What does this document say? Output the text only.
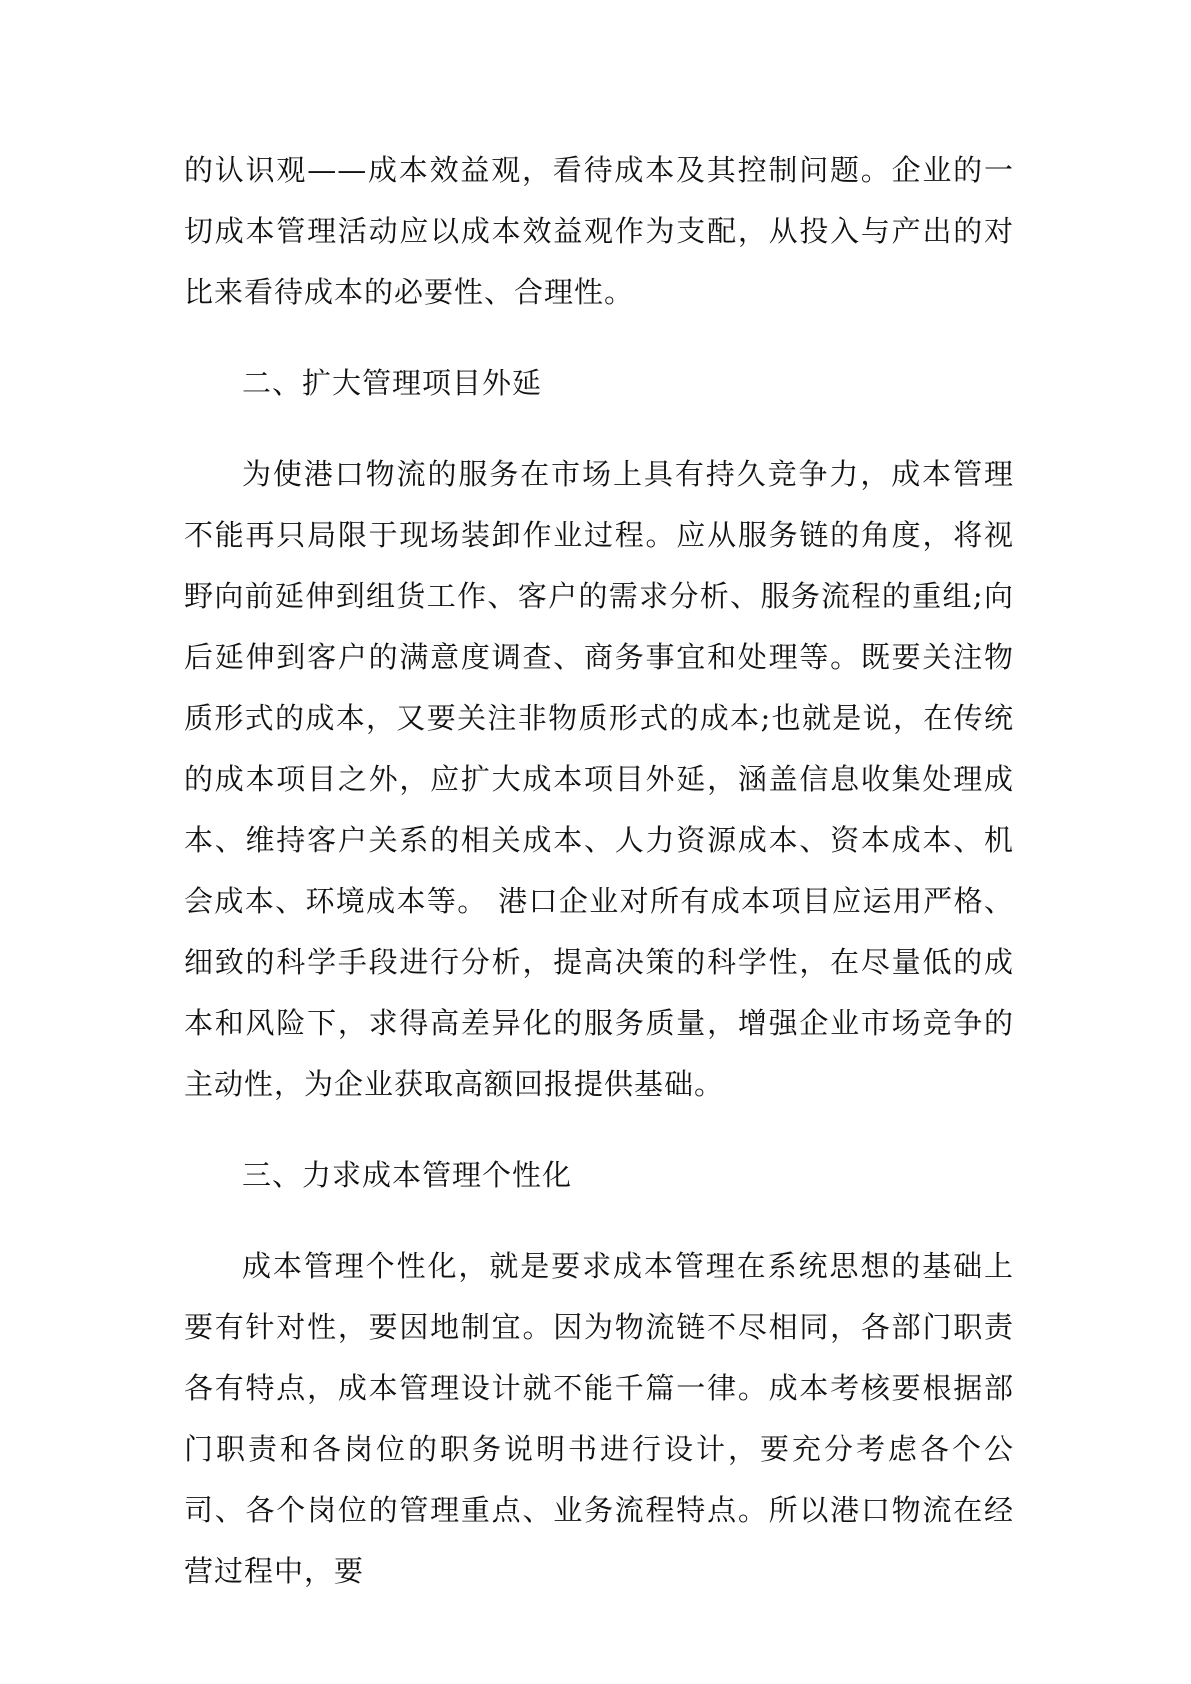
的认识观——成本效益观，看待成本及其控制问题。企业的一切成本管理活动应以成本效益观作为支配，从投入与产出的对比来看待成本的必要性、合理性。

二、扩大管理项目外延

为使港口物流的服务在市场上具有持久竞争力，成本管理不能再只局限于现场装卸作业过程。应从服务链的角度，将视野向前延伸到组货工作、客户的需求分析、服务流程的重组;向后延伸到客户的满意度调查、商务事宜和处理等。既要关注物质形式的成本，又要关注非物质形式的成本;也就是说，在传统的成本项目之外，应扩大成本项目外延，涵盖信息收集处理成本、维持客户关系的相关成本、人力资源成本、资本成本、机会成本、环境成本等。 港口企业对所有成本项目应运用严格、细致的科学手段进行分析，提高决策的科学性，在尽量低的成本和风险下，求得高差异化的服务质量，增强企业市场竞争的主动性，为企业获取高额回报提供基础。

三、力求成本管理个性化

成本管理个性化，就是要求成本管理在系统思想的基础上要有针对性，要因地制宜。因为物流链不尽相同，各部门职责各有特点，成本管理设计就不能千篇一律。成本考核要根据部门职责和各岗位的职务说明书进行设计，要充分考虑各个公司、各个岗位的管理重点、业务流程特点。所以港口物流在经营过程中，要
